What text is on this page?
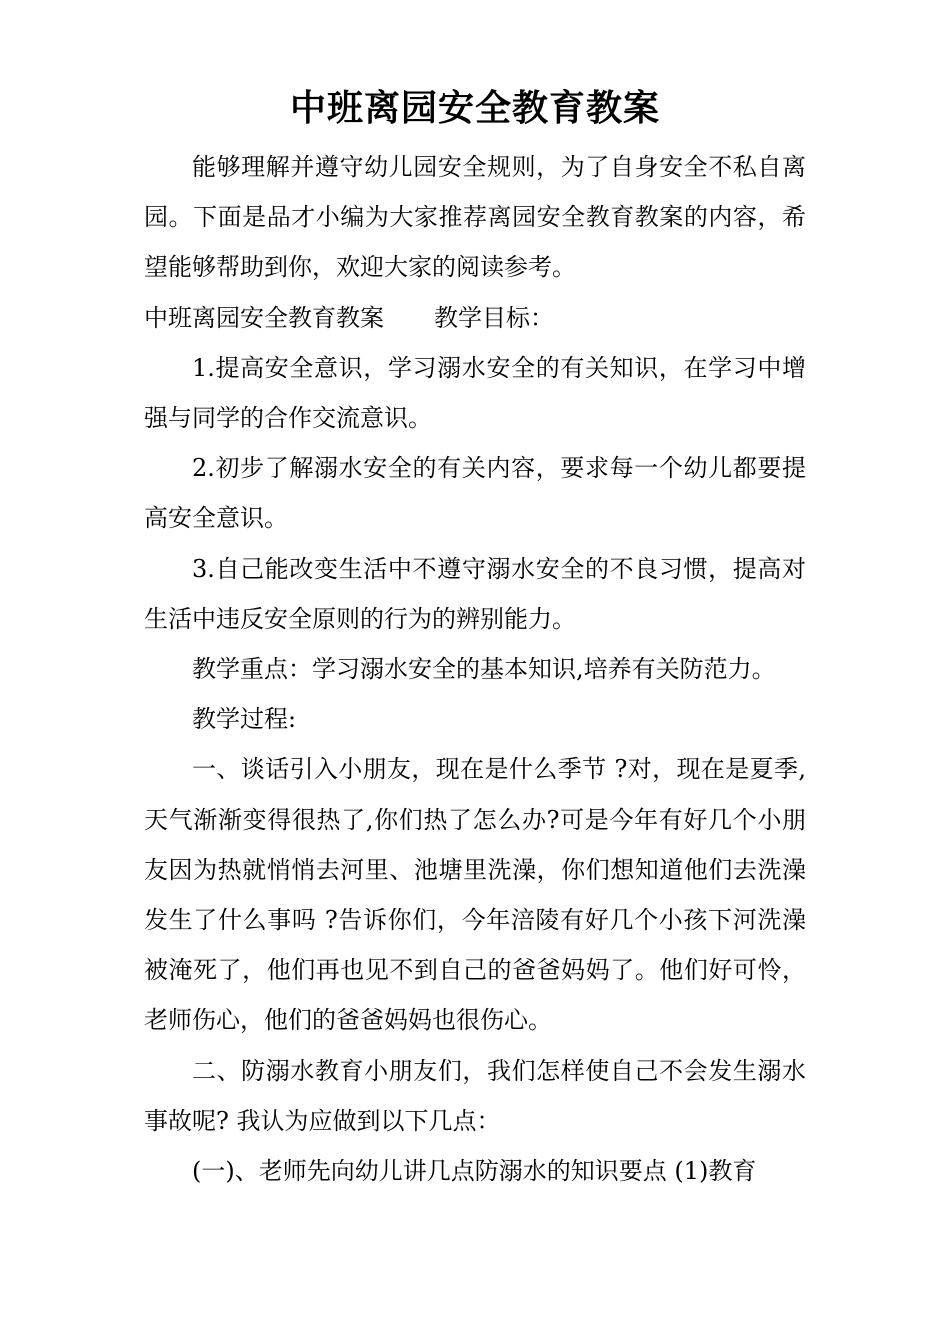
中班离园安全教育教案

能够理解并遵守幼儿园安全规则，为了自身安全不私自离园。下面是品才小编为大家推荐离园安全教育教案的内容，希望能够帮助到你，欢迎大家的阅读参考。

中班离园安全教育教案 教学目标：

1.提高安全意识，学习溺水安全的有关知识，在学习中增强与同学的合作交流意识。

2.初步了解溺水安全的有关内容，要求每一个幼儿都要提高安全意识。

3.自己能改变生活中不遵守溺水安全的不良习惯，提高对生活中违反安全原则的行为的辨别能力。

教学重点：学习溺水安全的基本知识,培养有关防范力。

教学过程:

一、谈话引入小朋友，现在是什么季节 ?对，现在是夏季,天气渐渐变得很热了,你们热了怎么办?可是今年有好几个小朋友因为热就悄悄去河里、池塘里洗澡，你们想知道他们去洗澡发生了什么事吗 ?告诉你们，今年涪陵有好几个小孩下河洗澡被淹死了，他们再也见不到自己的爸爸妈妈了。他们好可怜，老师伤心，他们的爸爸妈妈也很伤心。

二、防溺水教育小朋友们，我们怎样使自己不会发生溺水事故呢? 我认为应做到以下几点：

(一)、老师先向幼儿讲几点防溺水的知识要点 (1)教育
